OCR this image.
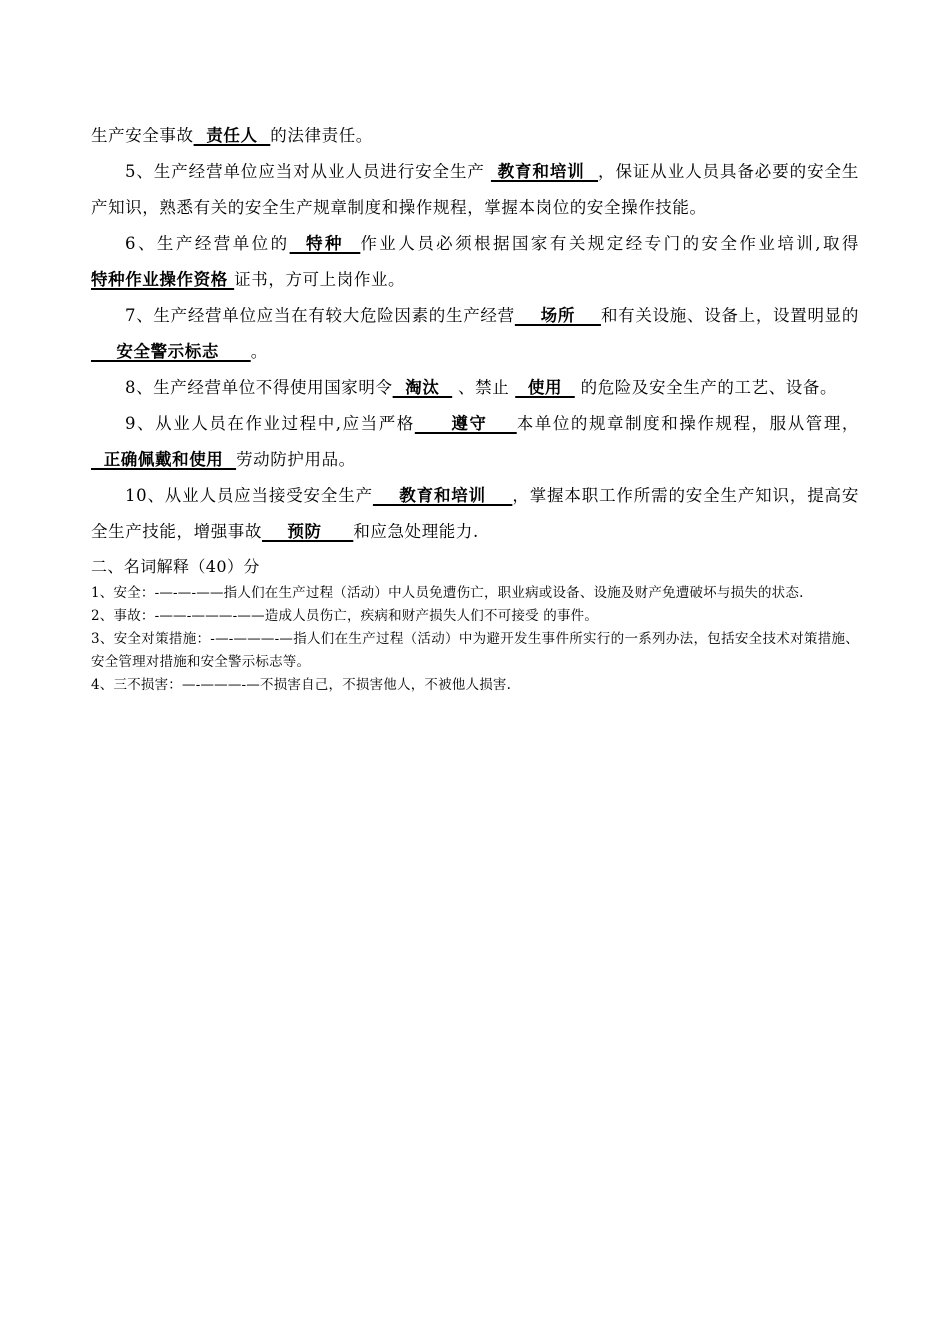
生产安全事故  责任人  的法律责任。

5、生产经营单位应当对从业人员进行安全生产  教育和培训  ，保证从业人员具备必要的安全生产知识，熟悉有关的安全生产规章制度和操作规程，掌握本岗位的安全操作技能。

6、生产经营单位的  特种  作业人员必须根据国家有关规定经专门的安全作业培训,取得特种作业操作资格 证书，方可上岗作业。

7、生产经营单位应当在有较大危险因素的生产经营    场所    和有关设施、设备上，设置明显的    安全警示标志     。

8、生产经营单位不得使用国家明令  淘汰   、禁止   使用   的危险及安全生产的工艺、设备。

9、从业人员在作业过程中,应当严格     遵守    本单位的规章制度和操作规程，服从管理，  正确佩戴和使用  劳动防护用品。

10、从业人员应当接受安全生产    教育和培训    ，掌握本职工作所需的安全生产知识，提高安全生产技能，增强事故    预防     和应急处理能力.

二、名词解释（40）分

1、安全：-—-—-——指人们在生产过程（活动）中人员免遭伤亡，职业病或设备、设施及财产免遭破坏与损失的状态.

2、事故：-——-———-——造成人员伤亡，疾病和财产损失人们不可接受 的事件。

3、安全对策措施：-—-———-—指人们在生产过程（活动）中为避开发生事件所实行的一系列办法，包括安全技术对策措施、安全管理对措施和安全警示标志等。

4、三不损害：—-———-—不损害自己，不损害他人，不被他人损害.
